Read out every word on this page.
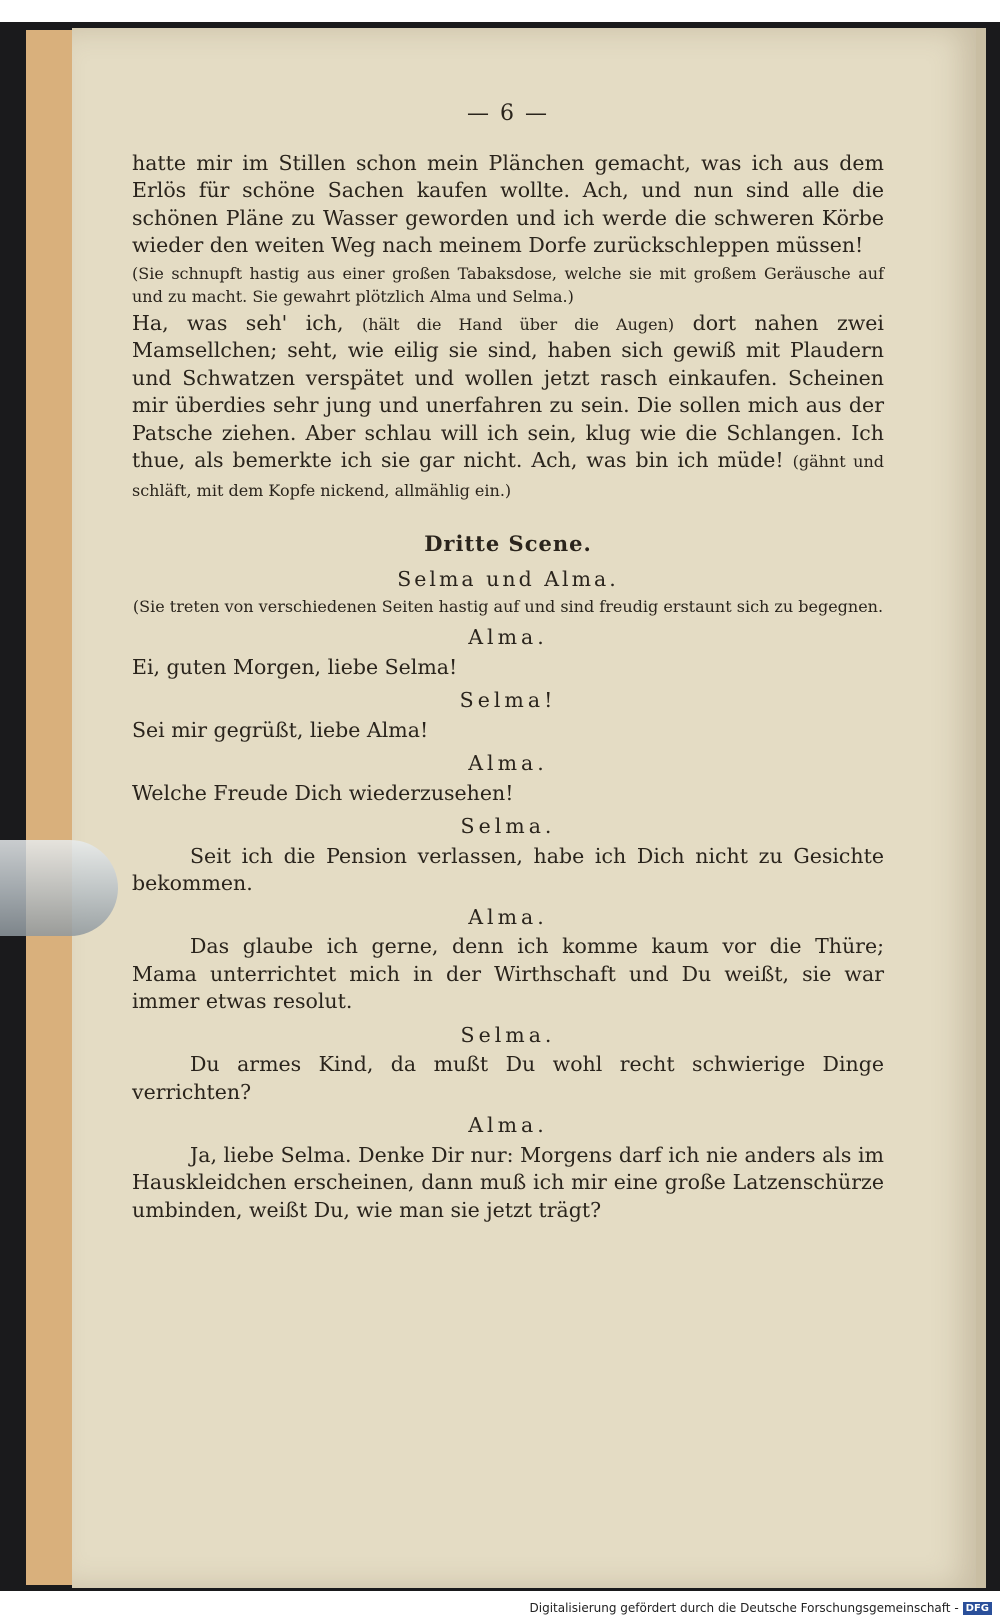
— 6 —

hatte mir im Stillen schon mein Plänchen gemacht, was ich aus dem Erlös für schöne Sachen kaufen wollte. Ach, und nun sind alle die schönen Pläne zu Wasser geworden und ich werde die schweren Körbe wieder den weiten Weg nach meinem Dorfe zurückschleppen müssen!

(Sie schnupft hastig aus einer großen Tabaksdose, welche sie mit großem Geräusche auf und zu macht. Sie gewahrt plötzlich Alma und Selma.)

Ha, was seh' ich, (hält die Hand über die Augen) dort nahen zwei Mamsellchen; seht, wie eilig sie sind, haben sich gewiß mit Plaudern und Schwatzen verspätet und wollen jetzt rasch einkaufen. Scheinen mir überdies sehr jung und unerfahren zu sein. Die sollen mich aus der Patsche ziehen. Aber schlau will ich sein, klug wie die Schlangen. Ich thue, als bemerkte ich sie gar nicht. Ach, was bin ich müde! (gähnt und schläft, mit dem Kopfe nickend, allmählig ein.)

Dritte Scene.
Selma und Alma.
(Sie treten von verschiedenen Seiten hastig auf und sind freudig erstaunt sich zu begegnen.
Alma.

Ei, guten Morgen, liebe Selma!

Selma!

Sei mir gegrüßt, liebe Alma!

Alma.

Welche Freude Dich wiederzusehen!

Selma.

Seit ich die Pension verlassen, habe ich Dich nicht zu Gesichte bekommen.

Alma.

Das glaube ich gerne, denn ich komme kaum vor die Thüre; Mama unterrichtet mich in der Wirthschaft und Du weißt, sie war immer etwas resolut.

Selma.

Du armes Kind, da mußt Du wohl recht schwierige Dinge verrichten?

Alma.

Ja, liebe Selma. Denke Dir nur: Morgens darf ich nie anders als im Hauskleidchen erscheinen, dann muß ich mir eine große Latzenschürze umbinden, weißt Du, wie man sie jetzt trägt?

Digitalisierung gefördert durch die Deutsche Forschungsgemeinschaft - DFG
